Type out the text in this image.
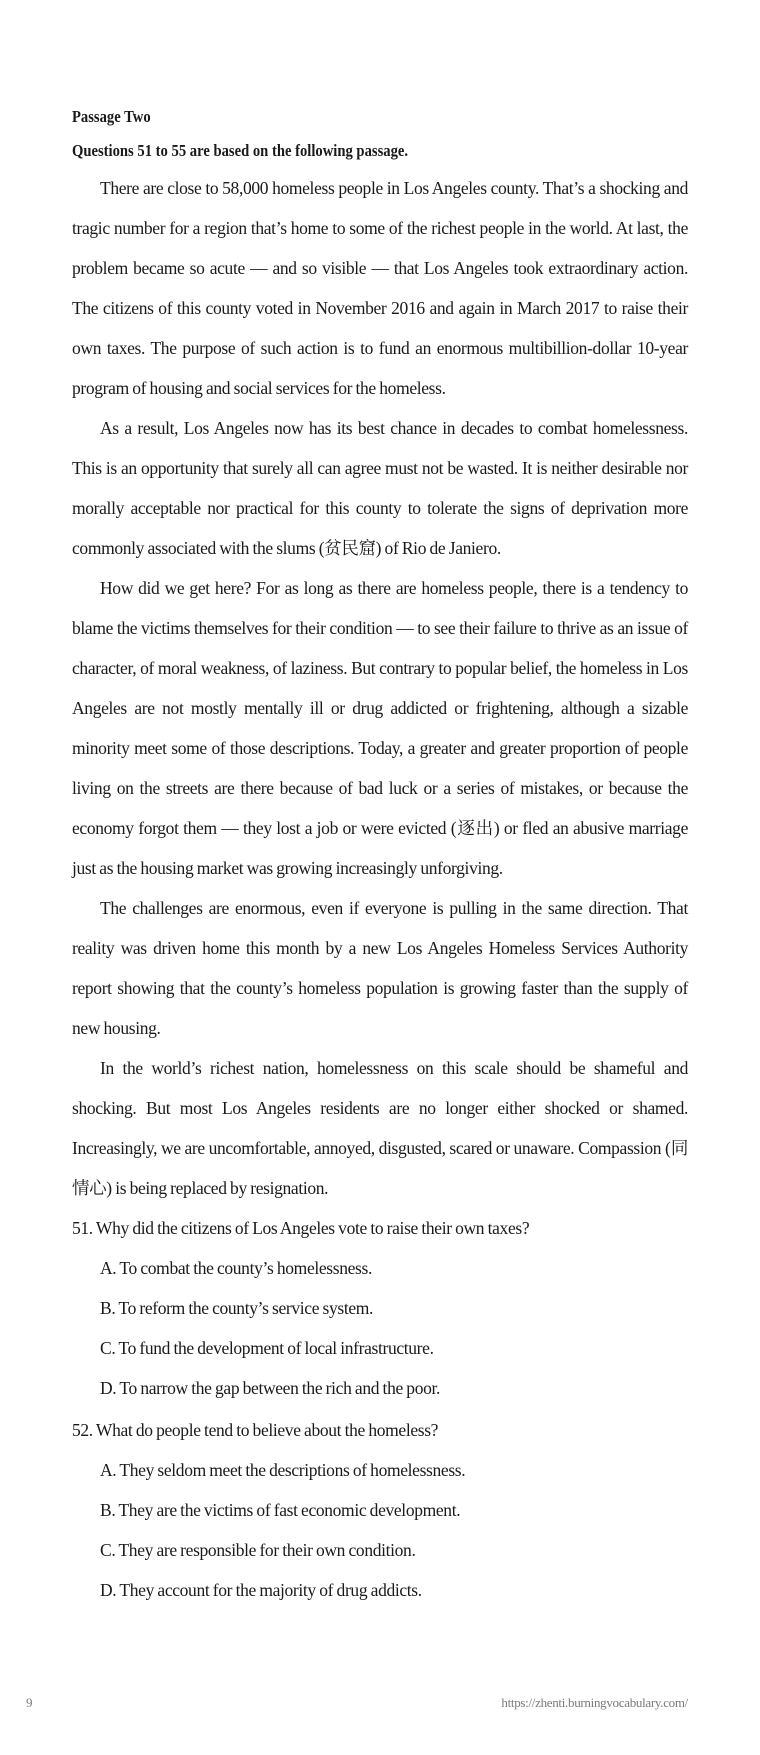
Passage Two
Questions 51 to 55 are based on the following passage.

There are close to 58,000 homeless people in Los Angeles county. That’s a shocking and tragic number for a region that’s home to some of the richest people in the world. At last, the problem became so acute — and so visible — that Los Angeles took extraordinary action. The citizens of this county voted in November 2016 and again in March 2017 to raise their own taxes. The purpose of such action is to fund an enormous multibillion-dollar 10-year program of housing and social services for the homeless.

As a result, Los Angeles now has its best chance in decades to combat homelessness. This is an opportunity that surely all can agree must not be wasted. It is neither desirable nor morally acceptable nor practical for this county to tolerate the signs of deprivation more commonly associated with the slums (贫民窟) of Rio de Janiero.

How did we get here? For as long as there are homeless people, there is a tendency to blame the victims themselves for their condition — to see their failure to thrive as an issue of character, of moral weakness, of laziness. But contrary to popular belief, the homeless in Los Angeles are not mostly mentally ill or drug addicted or frightening, although a sizable minority meet some of those descriptions. Today, a greater and greater proportion of people living on the streets are there because of bad luck or a series of mistakes, or because the economy forgot them — they lost a job or were evicted (逐出) or fled an abusive marriage just as the housing market was growing increasingly unforgiving.

The challenges are enormous, even if everyone is pulling in the same direction. That reality was driven home this month by a new Los Angeles Homeless Services Authority report showing that the county’s homeless population is growing faster than the supply of new housing.

In the world’s richest nation, homelessness on this scale should be shameful and shocking. But most Los Angeles residents are no longer either shocked or shamed. Increasingly, we are uncomfortable, annoyed, disgusted, scared or unaware. Compassion (同情心) is being replaced by resignation.

51. Why did the citizens of Los Angeles vote to raise their own taxes?
A. To combat the county’s homelessness.
B. To reform the county’s service system.
C. To fund the development of local infrastructure.
D. To narrow the gap between the rich and the poor.
52. What do people tend to believe about the homeless?
A. They seldom meet the descriptions of homelessness.
B. They are the victims of fast economic development.
C. They are responsible for their own condition.
D. They account for the majority of drug addicts.
9	https://zhenti.burningvocabulary.com/
